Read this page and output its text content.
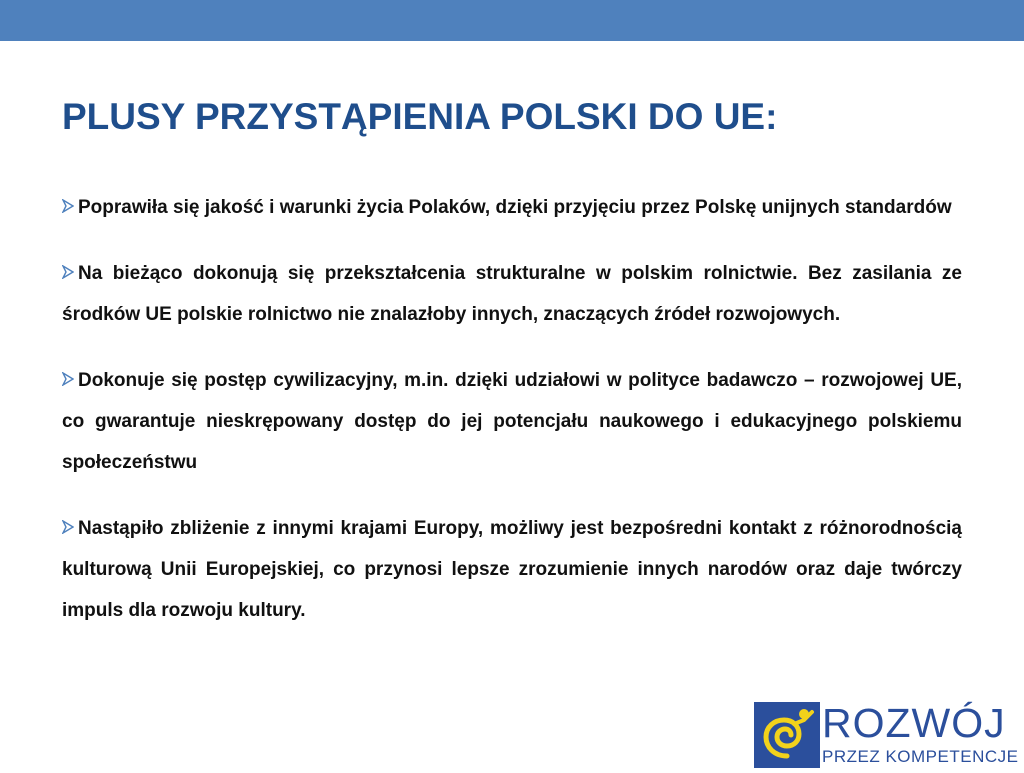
PLUSY PRZYSTĄPIENIA POLSKI DO UE:
Poprawiła się jakość i warunki życia Polaków, dzięki przyjęciu przez Polskę unijnych standardów
Na bieżąco dokonują się przekształcenia strukturalne w polskim rolnictwie. Bez zasilania ze środków UE polskie rolnictwo nie znalazłoby innych, znaczących źródeł rozwojowych.
Dokonuje się postęp cywilizacyjny, m.in. dzięki udziałowi w polityce badawczo – rozwojowej UE, co gwarantuje nieskrępowany dostęp do jej potencjału naukowego i edukacyjnego polskiemu społeczeństwu
Nastąpiło zbliżenie z innymi krajami Europy, możliwy jest bezpośredni kontakt z różnorodnością kulturową Unii Europejskiej, co przynosi lepsze zrozumienie innych narodów oraz daje twórczy impuls dla rozwoju kultury.
ROZWÓJ
PRZEZ KOMPETENCJE
